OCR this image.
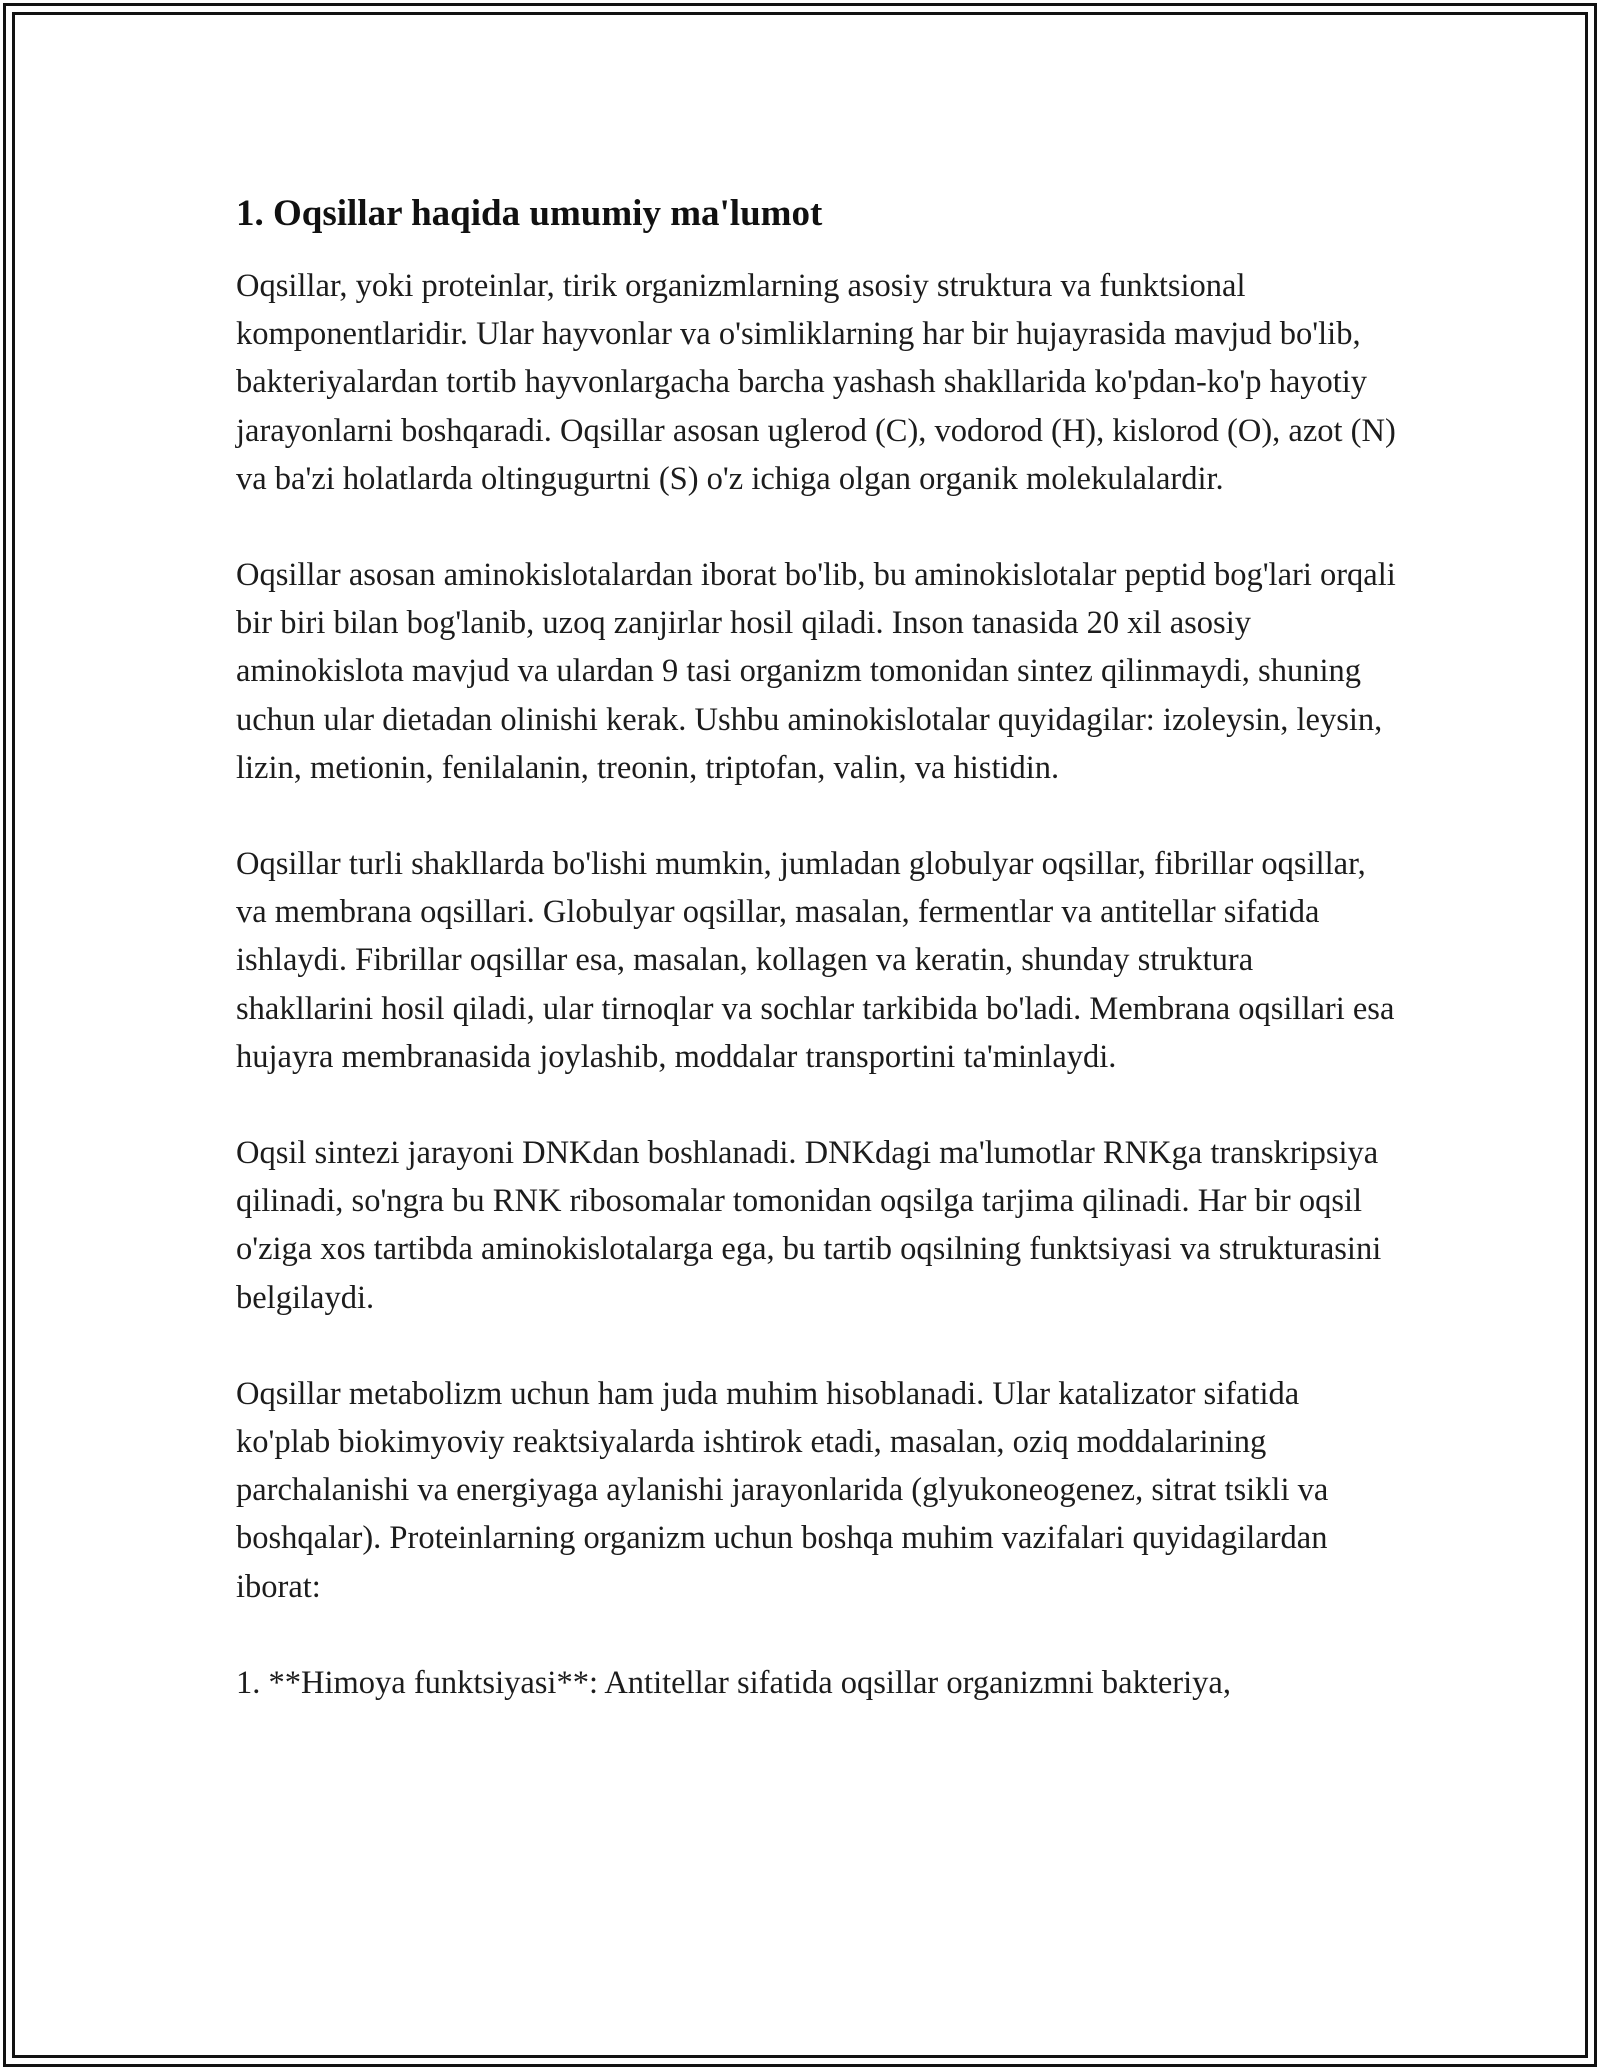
1. Oqsillar haqida umumiy ma'lumot

Oqsillar, yoki proteinlar, tirik organizmlarning asosiy struktura va funktsional komponentlaridir. Ular hayvonlar va o'simliklarning har bir hujayrasida mavjud bo'lib, bakteriyalardan tortib hayvonlargacha barcha yashash shakllarida ko'pdan-ko'p hayotiy jarayonlarni boshqaradi. Oqsillar asosan uglerod (C), vodorod (H), kislorod (O), azot (N) va ba'zi holatlarda oltingugurtni (S) o'z ichiga olgan organik molekulalardir.

Oqsillar asosan aminokislotalardan iborat bo'lib, bu aminokislotalar peptid bog'lari orqali bir biri bilan bog'lanib, uzoq zanjirlar hosil qiladi. Inson tanasida 20 xil asosiy aminokislota mavjud va ulardan 9 tasi organizm tomonidan sintez qilinmaydi, shuning uchun ular dietadan olinishi kerak. Ushbu aminokislotalar quyidagilar: izoleysin, leysin, lizin, metionin, fenilalanin, treonin, triptofan, valin, va histidin.

Oqsillar turli shakllarda bo'lishi mumkin, jumladan globulyar oqsillar, fibrillar oqsillar, va membrana oqsillari. Globulyar oqsillar, masalan, fermentlar va antitellar sifatida ishlaydi. Fibrillar oqsillar esa, masalan, kollagen va keratin, shunday struktura shakllarini hosil qiladi, ular tirnoqlar va sochlar tarkibida bo'ladi. Membrana oqsillari esa hujayra membranasida joylashib, moddalar transportini ta'minlaydi.

Oqsil sintezi jarayoni DNKdan boshlanadi. DNKdagi ma'lumotlar RNKga transkripsiya qilinadi, so'ngra bu RNK ribosomalar tomonidan oqsilga tarjima qilinadi. Har bir oqsil o'ziga xos tartibda aminokislotalarga ega, bu tartib oqsilning funktsiyasi va strukturasini belgilaydi.

Oqsillar metabolizm uchun ham juda muhim hisoblanadi. Ular katalizator sifatida ko'plab biokimyoviy reaktsiyalarda ishtirok etadi, masalan, oziq moddalarining parchalanishi va energiyaga aylanishi jarayonlarida (glyukoneogenez, sitrat tsikli va boshqalar). Proteinlarning organizm uchun boshqa muhim vazifalari quyidagilardan iborat:

1. **Himoya funktsiyasi**: Antitellar sifatida oqsillar organizmni bakteriya,
